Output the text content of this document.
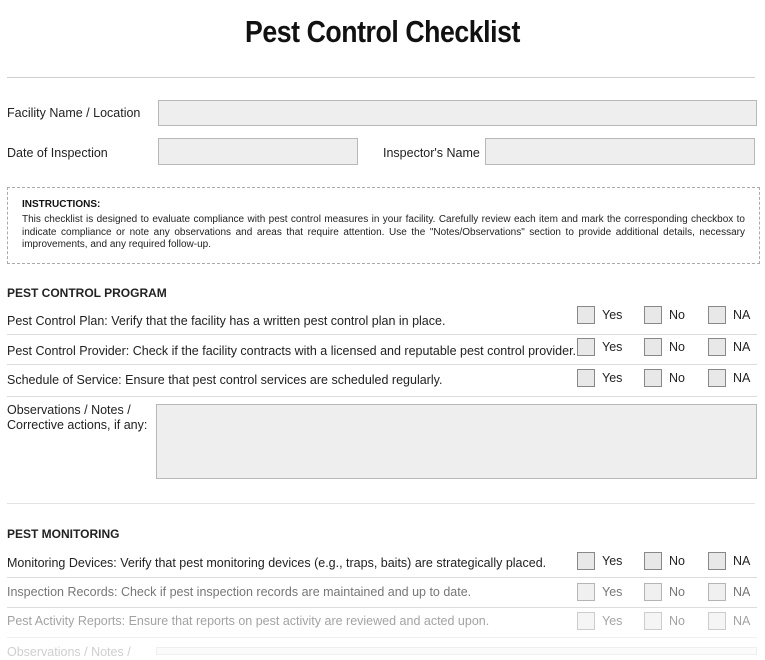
Pest Control Checklist
Facility Name / Location
Date of Inspection	Inspector's Name
INSTRUCTIONS:
This checklist is designed to evaluate compliance with pest control measures in your facility. Carefully review each item and mark the corresponding checkbox to indicate compliance or note any observations and areas that require attention. Use the "Notes/Observations" section to provide additional details, necessary improvements, and any required follow-up.
PEST CONTROL PROGRAM
Pest Control Plan: Verify that the facility has a written pest control plan in place.	Yes	No	NA
Pest Control Provider: Check if the facility contracts with a licensed and reputable pest control provider. Yes	No	NA
Schedule of Service: Ensure that pest control services are scheduled regularly.	Yes	No	NA
Observations / Notes / Corrective actions, if any:
PEST MONITORING
Monitoring Devices: Verify that pest monitoring devices (e.g., traps, baits) are strategically placed.	Yes	No	NA
Inspection Records: Check if pest inspection records are maintained and up to date.	Yes	No	NA
Pest Activity Reports: Ensure that reports on pest activity are reviewed and acted upon.	Yes	No	NA
Observations / Notes /
